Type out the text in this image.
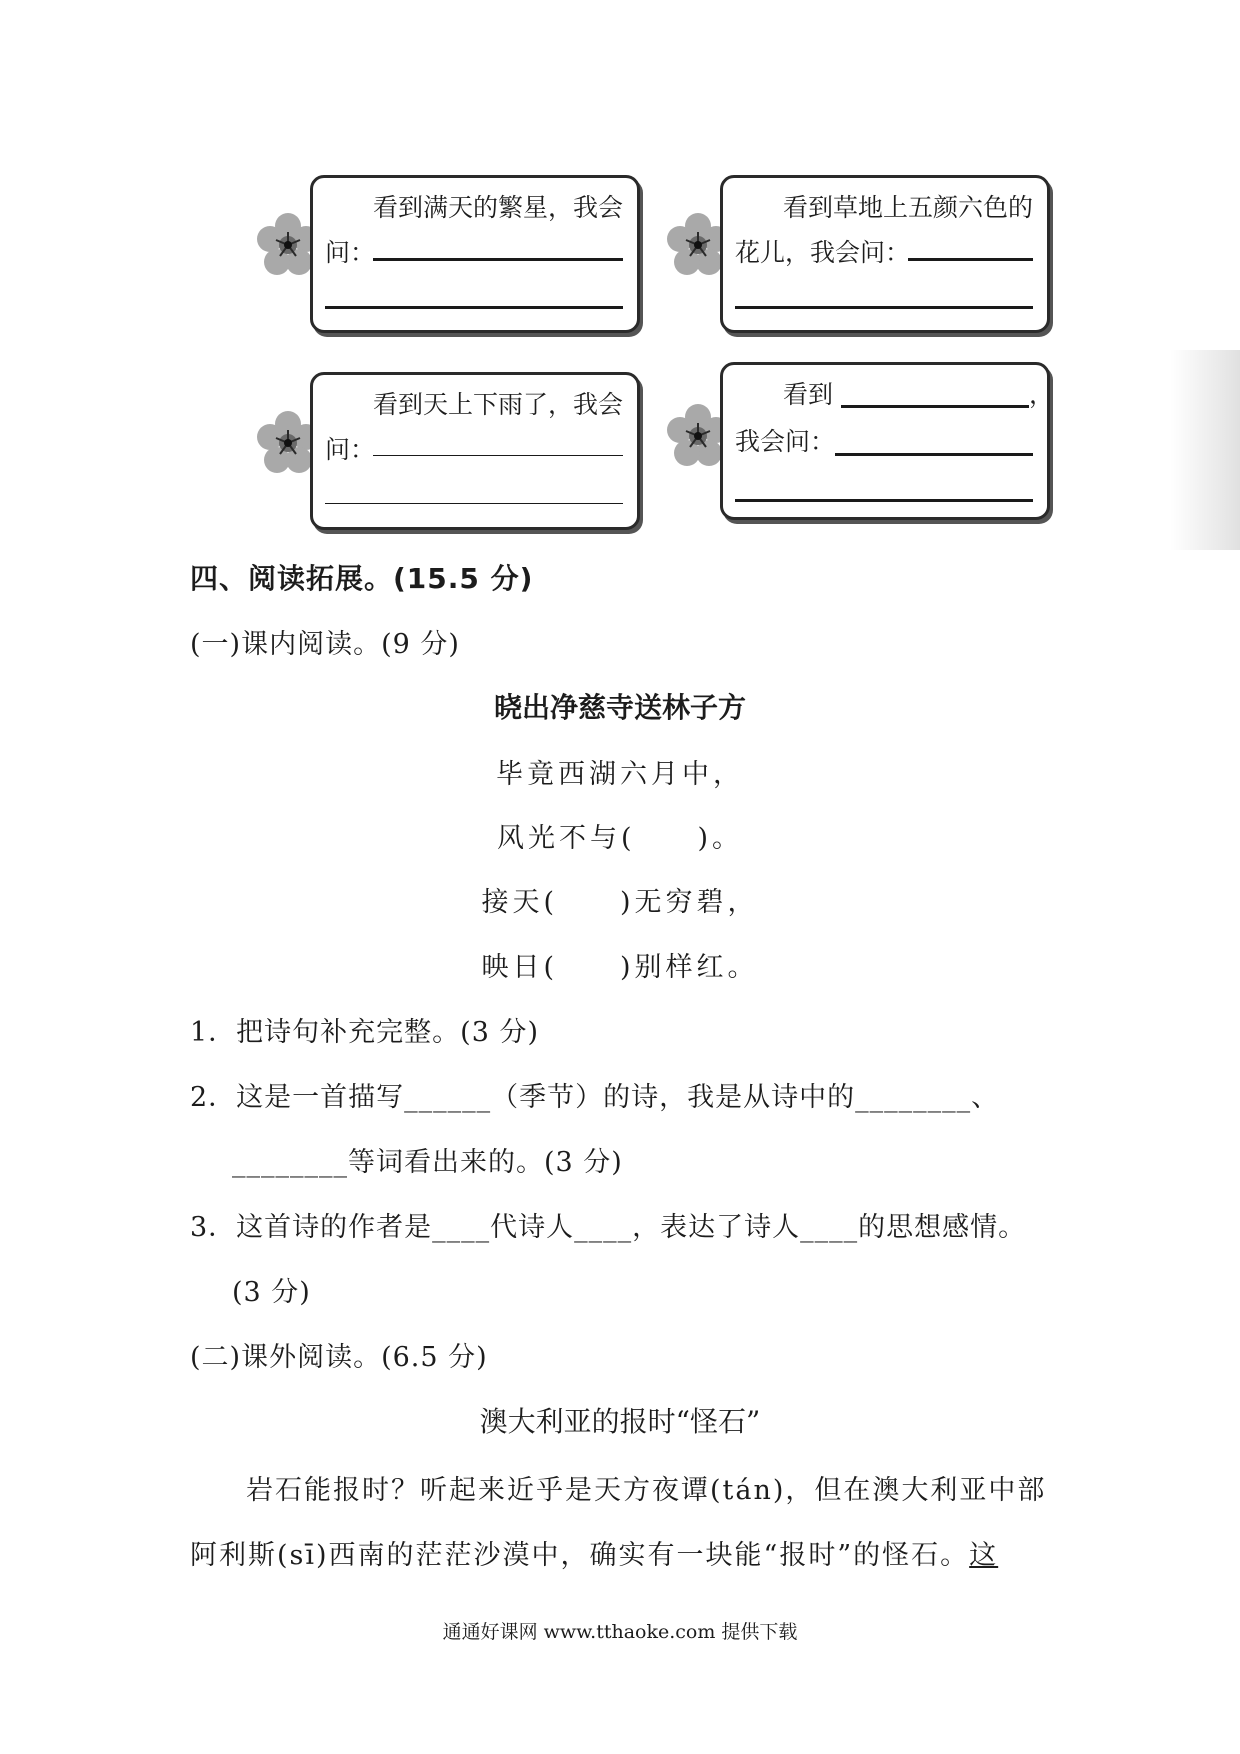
看到满天的繁星，我会
问：
看到草地上五颜六色的
花儿，我会问：
看到天上下雨了，我会
问：
看到	，
我会问：
四、阅读拓展。(15.5 分)
(一)课内阅读。(9 分)
晓出净慈寺送林子方
毕竟西湖六月中，
风光不与(　　)。
接天(　　)无穷碧，
映日(　　)别样红。
1．把诗句补充完整。(3 分)
2．这是一首描写______（季节）的诗，我是从诗中的________、
________等词看出来的。(3 分)
3．这首诗的作者是____代诗人____，表达了诗人____的思想感情。
(3 分)
(二)课外阅读。(6.5 分)
澳大利亚的报时“怪石”
岩石能报时？听起来近乎是天方夜谭(tán)，但在澳大利亚中部
阿利斯(sī)西南的茫茫沙漠中，确实有一块能“报时”的怪石。这
通通好课网 www.tthaoke.com 提供下载
